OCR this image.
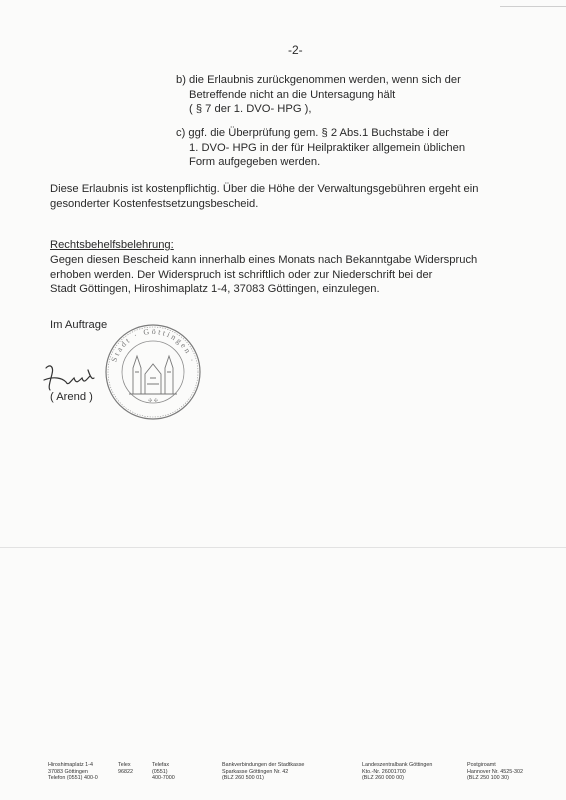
-2-
b) die Erlaubnis zurückgenommen werden, wenn sich der
Betreffende nicht an die Untersagung hält
( § 7 der 1. DVO- HPG ),
c) ggf. die Überprüfung gem. § 2 Abs.1 Buchstabe i der
1. DVO- HPG in der für Heilpraktiker allgemein üblichen
Form aufgegeben werden.
Diese Erlaubnis ist kostenpflichtig. Über die Höhe der Verwaltungsgebühren ergeht ein
gesonderter Kostenfestsetzungsbescheid.
Rechtsbehelfsbelehrung:
Gegen diesen Bescheid kann innerhalb eines Monats nach Bekanntgabe Widerspruch
erhoben werden. Der Widerspruch ist schriftlich oder zur Niederschrift bei der
Stadt Göttingen, Hiroshimaplatz 1-4, 37083 Göttingen, einzulegen.
Im Auftrage
( Arend )
Stadt · Göttingen ·
✣ ✣
Hiroshimaplatz 1-4
37083 Göttingen
Telefon (0551) 400-0
Telex
96822
Telefax
(0551)
400-7000
Bankverbindungen der Stadtkasse
Sparkasse Göttingen Nr. 42
(BLZ 260 500 01)
Landeszentralbank Göttingen
Kto.-Nr. 26001700
(BLZ 260 000 00)
Postgiroamt
Hannover Nr. 4525-302
(BLZ 250 100 30)
